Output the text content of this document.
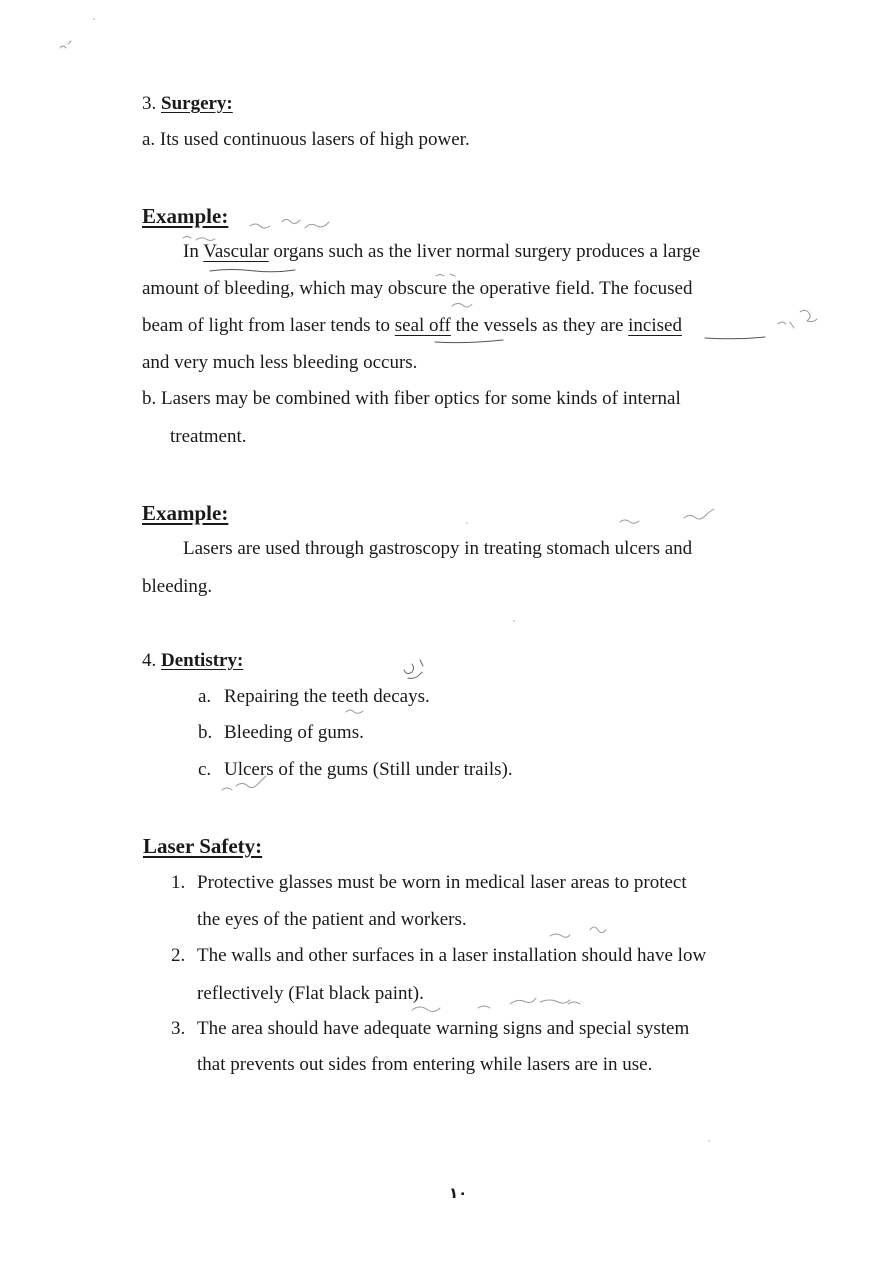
3. Surgery:
a. Its used continuous lasers of high power.
Example:
In Vascular organs such as the liver normal surgery produces a large
amount of bleeding, which may obscure the operative field. The focused
beam of light from laser tends to seal off the vessels as they are incised
and very much less bleeding occurs.
b. Lasers may be combined with fiber optics for some kinds of internal
treatment.
Example:
Lasers are used through gastroscopy in treating stomach ulcers and
bleeding.
4. Dentistry:
a. Repairing the teeth decays.
b. Bleeding of gums.
c. Ulcers of the gums (Still under trails).
Laser Safety:
1. Protective glasses must be worn in medical laser areas to protect
the eyes of the patient and workers.
2. The walls and other surfaces in a laser installation should have low
reflectively (Flat black paint).
3. The area should have adequate warning signs and special system
that prevents out sides from entering while lasers are in use.
١٠
